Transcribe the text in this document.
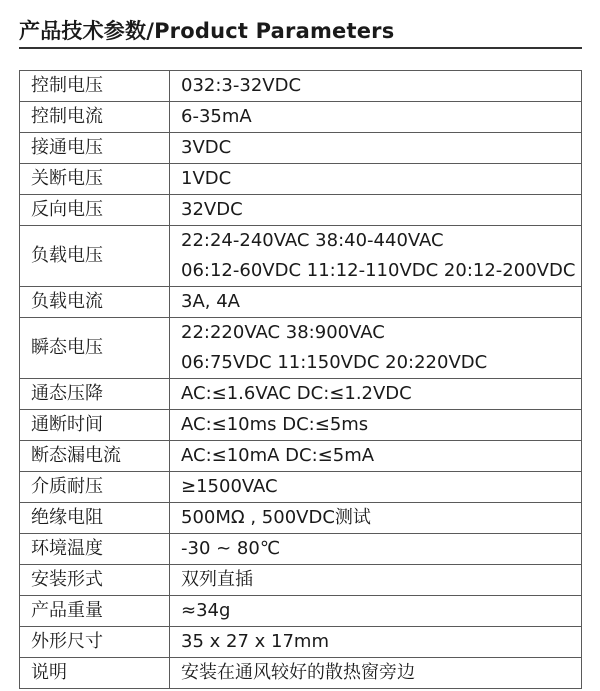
产品技术参数/Product Parameters
控制电压	032:3-32VDC

控制电流	6-35mA

接通电压	3VDC

关断电压	1VDC

反向电压	32VDC

负载电压	22:24-240VAC 38:40-440VAC
06:12-60VDC 11:12-110VDC 20:12-200VDC

负载电流	3A, 4A

瞬态电压	22:220VAC 38:900VAC
06:75VDC 11:150VDC 20:220VDC

通态压降	AC:≤1.6VAC DC:≤1.2VDC

通断时间	AC:≤10ms DC:≤5ms

断态漏电流	AC:≤10mA DC:≤5mA

介质耐压	≥1500VAC

绝缘电阻	500MΩ , 500VDC测试

环境温度	-30 ~ 80℃

安装形式	双列直插

产品重量	≈34g

外形尺寸	35 x 27 x 17mm

说明	安装在通风较好的散热窗旁边
